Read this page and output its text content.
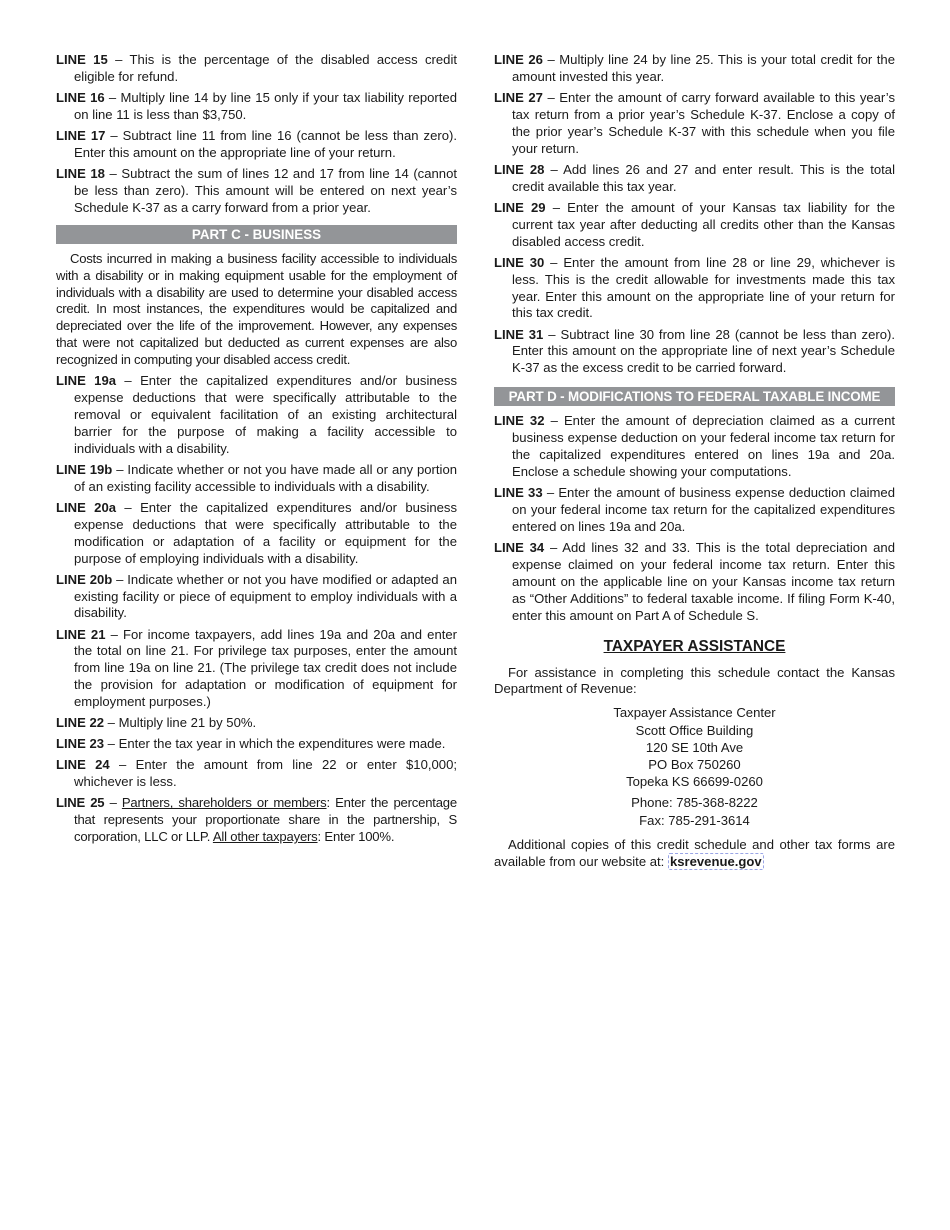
LINE 15 – This is the percentage of the disabled access credit eligible for refund.

LINE 16 – Multiply line 14 by line 15 only if your tax liability reported on line 11 is less than $3,750.

LINE 17 – Subtract line 11 from line 16 (cannot be less than zero). Enter this amount on the appropriate line of your return.

LINE 18 – Subtract the sum of lines 12 and 17 from line 14 (cannot be less than zero). This amount will be entered on next year’s Schedule K-37 as a carry forward from a prior year.

PART C - BUSINESS

Costs incurred in making a business facility accessible to individuals with a disability or in making equipment usable for the employment of individuals with a disability are used to determine your disabled access credit. In most instances, the expenditures would be capitalized and depreciated over the life of the improvement. However, any expenses that were not capitalized but deducted as current expenses are also recognized in computing your disabled access credit.

LINE 19a – Enter the capitalized expenditures and/or business expense deductions that were specifically attributable to the removal or equivalent facilitation of an existing architectural barrier for the purpose of making a facility accessible to individuals with a disability.

LINE 19b – Indicate whether or not you have made all or any portion of an existing facility accessible to individuals with a disability.

LINE 20a – Enter the capitalized expenditures and/or business expense deductions that were specifically attributable to the modification or adaptation of a facility or equipment for the purpose of employing individuals with a disability.

LINE 20b – Indicate whether or not you have modified or adapted an existing facility or piece of equipment to employ individuals with a disability.

LINE 21 – For income taxpayers, add lines 19a and 20a and enter the total on line 21. For privilege tax purposes, enter the amount from line 19a on line 21. (The privilege tax credit does not include the provision for adaptation or modification of equipment for employment purposes.)

LINE 22 – Multiply line 21 by 50%.

LINE 23 – Enter the tax year in which the expenditures were made.

LINE 24 – Enter the amount from line 22 or enter $10,000; whichever is less.

LINE 25 – Partners, shareholders or members: Enter the percentage that represents your proportionate share in the partnership, S corporation, LLC or LLP. All other taxpayers: Enter 100%.

LINE 26 – Multiply line 24 by line 25. This is your total credit for the amount invested this year.

LINE 27 – Enter the amount of carry forward available to this year’s tax return from a prior year’s Schedule K-37. Enclose a copy of the prior year’s Schedule K-37 with this schedule when you file your return.

LINE 28 – Add lines 26 and 27 and enter result. This is the total credit available this tax year.

LINE 29 – Enter the amount of your Kansas tax liability for the current tax year after deducting all credits other than the Kansas disabled access credit.

LINE 30 – Enter the amount from line 28 or line 29, whichever is less. This is the credit allowable for investments made this tax year. Enter this amount on the appropriate line of your return for this tax credit.

LINE 31 – Subtract line 30 from line 28 (cannot be less than zero). Enter this amount on the appropriate line of next year’s Schedule K-37 as the excess credit to be carried forward.

PART D - MODIFICATIONS TO FEDERAL TAXABLE INCOME

LINE 32 – Enter the amount of depreciation claimed as a current business expense deduction on your federal income tax return for the capitalized expenditures entered on lines 19a and 20a. Enclose a schedule showing your computations.

LINE 33 – Enter the amount of business expense deduction claimed on your federal income tax return for the capitalized expenditures entered on lines 19a and 20a.

LINE 34 – Add lines 32 and 33. This is the total depreciation and expense claimed on your federal income tax return. Enter this amount on the applicable line on your Kansas income tax return as “Other Additions” to federal taxable income. If filing Form K-40, enter this amount on Part A of Schedule S.

TAXPAYER ASSISTANCE

For assistance in completing this schedule contact the Kansas Department of Revenue:

Taxpayer Assistance Center
Scott Office Building
120 SE 10th Ave
PO Box 750260
Topeka KS 66699-0260
Phone: 785-368-8222
Fax: 785-291-3614

Additional copies of this credit schedule and other tax forms are available from our website at: ksrevenue.gov
